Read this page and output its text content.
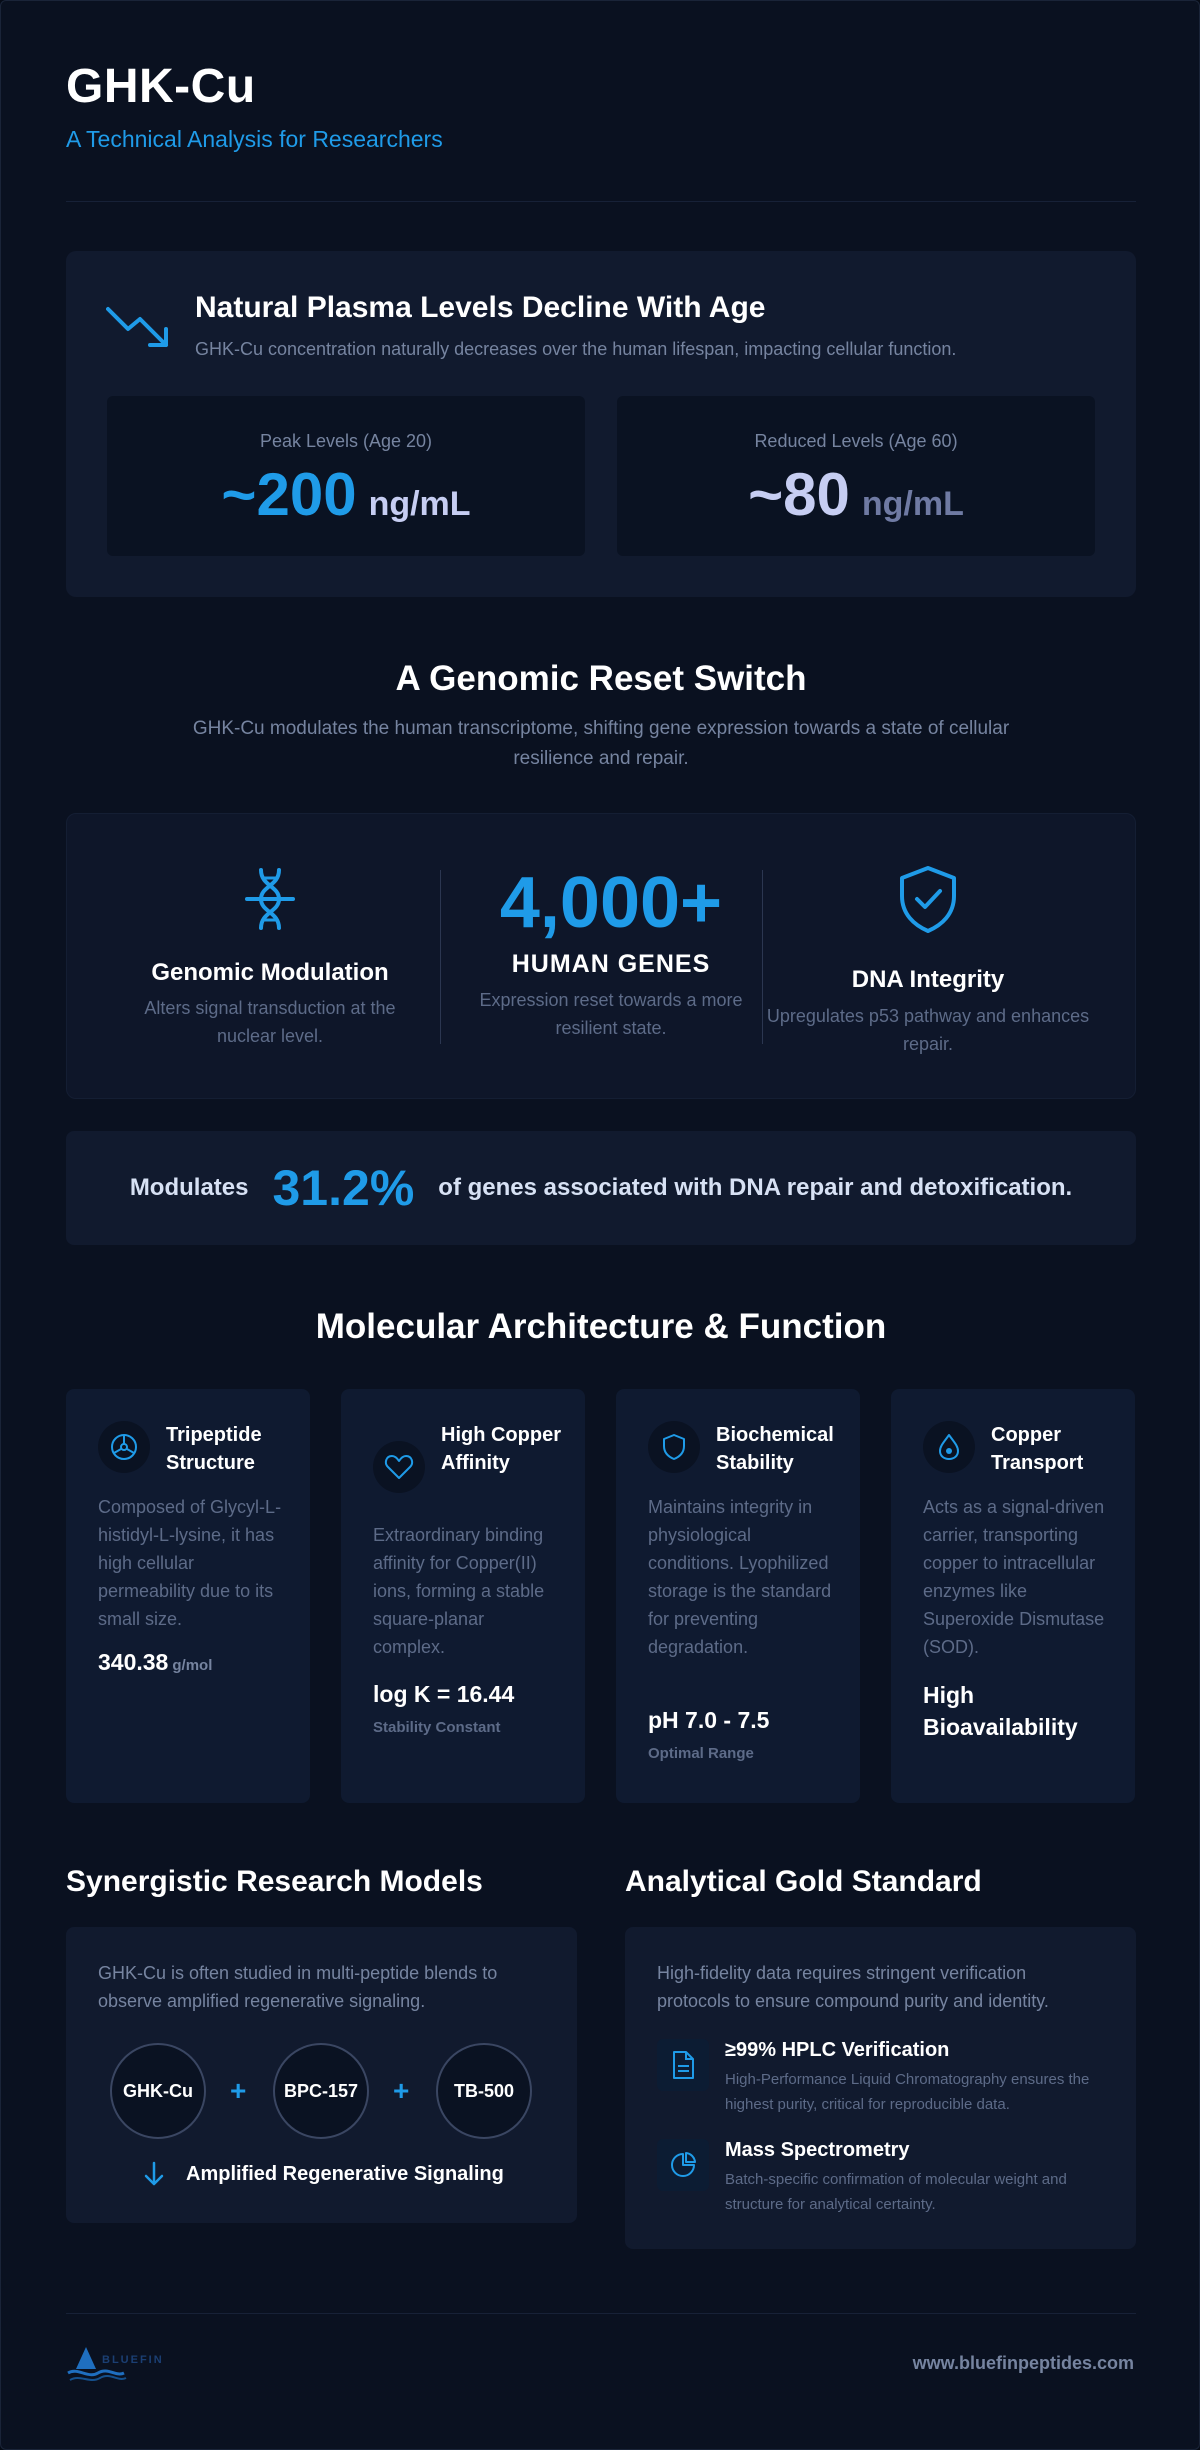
GHK-Cu
A Technical Analysis for Researchers
Natural Plasma Levels Decline With Age
GHK-Cu concentration naturally decreases over the human lifespan, impacting cellular function.
Peak Levels (Age 20)
~200 ng/mL
Reduced Levels (Age 60)
~80 ng/mL
A Genomic Reset Switch
GHK-Cu modulates the human transcriptome, shifting gene expression towards a state of cellular resilience and repair.
Genomic Modulation
Alters signal transduction at the nuclear level.
4,000+
HUMAN GENES
Expression reset towards a more resilient state.
DNA Integrity
Upregulates p53 pathway and enhances repair.
Modulates 31.2% of genes associated with DNA repair and detoxification.
Molecular Architecture & Function
Tripeptide Structure
Composed of Glycyl-L-histidyl-L-lysine, it has high cellular permeability due to its small size.
340.38 g/mol
High Copper Affinity
Extraordinary binding affinity for Copper(II) ions, forming a stable square-planar complex.
log K = 16.44
Stability Constant
Biochemical Stability
Maintains integrity in physiological conditions. Lyophilized storage is the standard for preventing degradation.
pH 7.0 - 7.5
Optimal Range
Copper Transport
Acts as a signal-driven carrier, transporting copper to intracellular enzymes like Superoxide Dismutase (SOD).
High Bioavailability
Synergistic Research Models
GHK-Cu is often studied in multi-peptide blends to observe amplified regenerative signaling.
GHK-Cu	+	BPC-157	+	TB-500
Amplified Regenerative Signaling
Analytical Gold Standard
High-fidelity data requires stringent verification protocols to ensure compound purity and identity.
≥99% HPLC Verification
High-Performance Liquid Chromatography ensures the highest purity, critical for reproducible data.
Mass Spectrometry
Batch-specific confirmation of molecular weight and structure for analytical certainty.
BLUEFIN	www.bluefinpeptides.com
